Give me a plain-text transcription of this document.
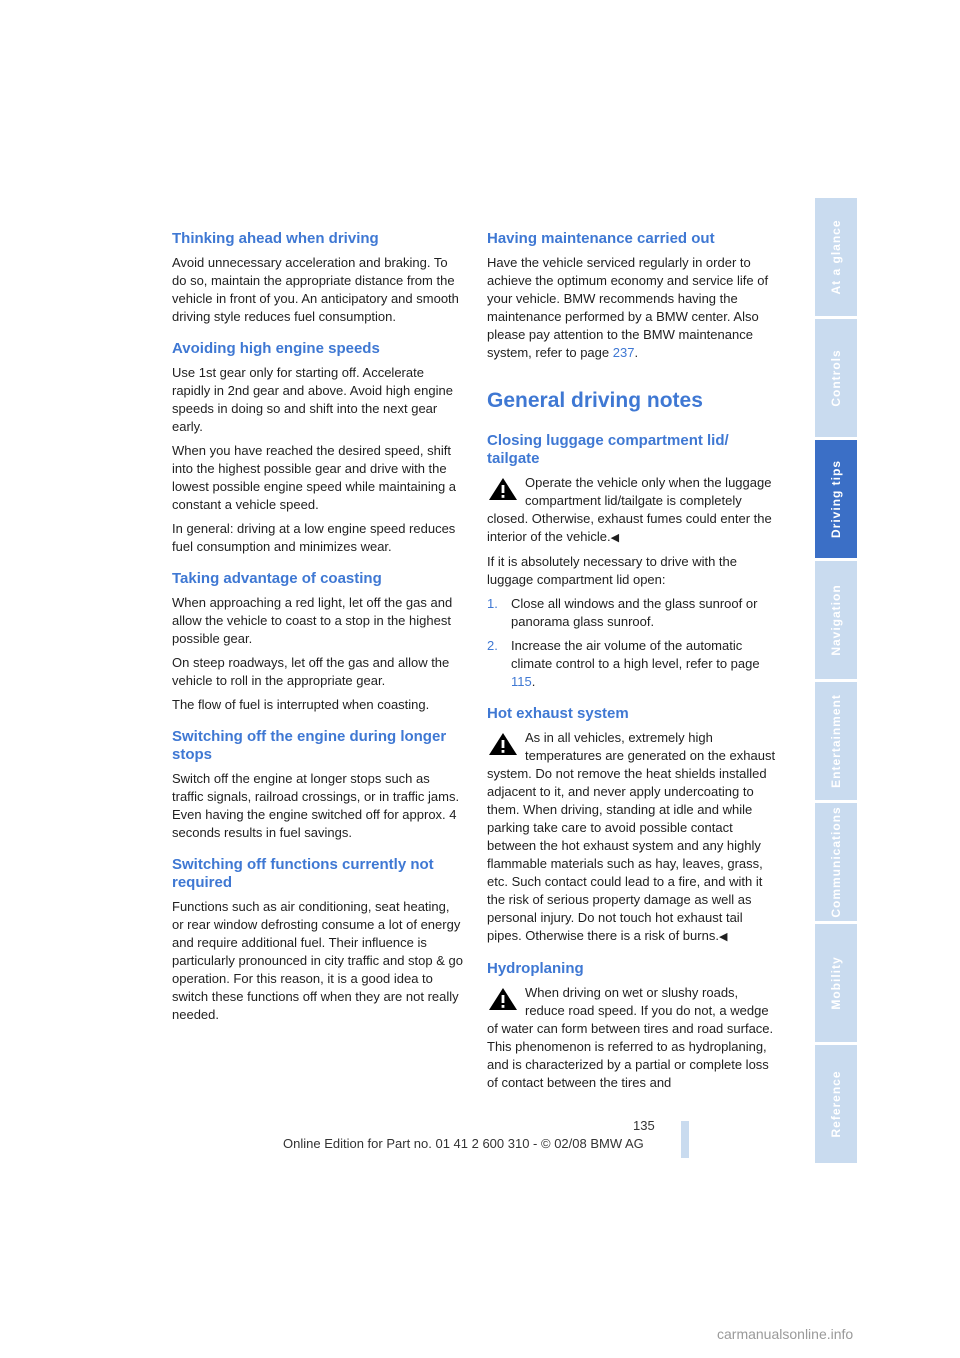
Thinking ahead when driving

Avoid unnecessary acceleration and braking. To do so, maintain the appropriate distance from the vehicle in front of you. An anticipatory and smooth driving style reduces fuel consumption.

Avoiding high engine speeds

Use 1st gear only for starting off. Accelerate rapidly in 2nd gear and above. Avoid high engine speeds in doing so and shift into the next gear early.

When you have reached the desired speed, shift into the highest possible gear and drive with the lowest possible engine speed while maintaining a constant a vehicle speed.

In general: driving at a low engine speed reduces fuel consumption and minimizes wear.

Taking advantage of coasting

When approaching a red light, let off the gas and allow the vehicle to coast to a stop in the highest possible gear.

On steep roadways, let off the gas and allow the vehicle to roll in the appropriate gear.

The flow of fuel is interrupted when coasting.

Switching off the engine during longer stops

Switch off the engine at longer stops such as traffic signals, railroad crossings, or in traffic jams. Even having the engine switched off for approx. 4 seconds results in fuel savings.

Switching off functions currently not required

Functions such as air conditioning, seat heating, or rear window defrosting consume a lot of energy and require additional fuel. Their influence is particularly pronounced in city traffic and stop & go operation. For this reason, it is a good idea to switch these functions off when they are not really needed.

Having maintenance carried out

Have the vehicle serviced regularly in order to achieve the optimum economy and service life of your vehicle. BMW recommends having the maintenance performed by a BMW center. Also please pay attention to the BMW maintenance system, refer to page 237.

General driving notes
Closing luggage compartment lid/ tailgate

Operate the vehicle only when the luggage compartment lid/tailgate is completely closed. Otherwise, exhaust fumes could enter the interior of the vehicle.◀

If it is absolutely necessary to drive with the luggage compartment lid open:

1. Close all windows and the glass sunroof or panorama glass sunroof.
2. Increase the air volume of the automatic climate control to a high level, refer to page 115.
Hot exhaust system

As in all vehicles, extremely high temperatures are generated on the exhaust system. Do not remove the heat shields installed adjacent to it, and never apply undercoating to them. When driving, standing at idle and while parking take care to avoid possible contact between the hot exhaust system and any highly flammable materials such as hay, leaves, grass, etc. Such contact could lead to a fire, and with it the risk of serious property damage as well as personal injury. Do not touch hot exhaust tail pipes. Otherwise there is a risk of burns.◀

Hydroplaning

When driving on wet or slushy roads, reduce road speed. If you do not, a wedge of water can form between tires and road surface. This phenomenon is referred to as hydroplaning, and is characterized by a partial or complete loss of contact between the tires and

At a glance
Controls
Driving tips
Navigation
Entertainment
Communications
Mobility
Reference
135
Online Edition for Part no. 01 41 2 600 310 - © 02/08 BMW AG
carmanualsonline.info
